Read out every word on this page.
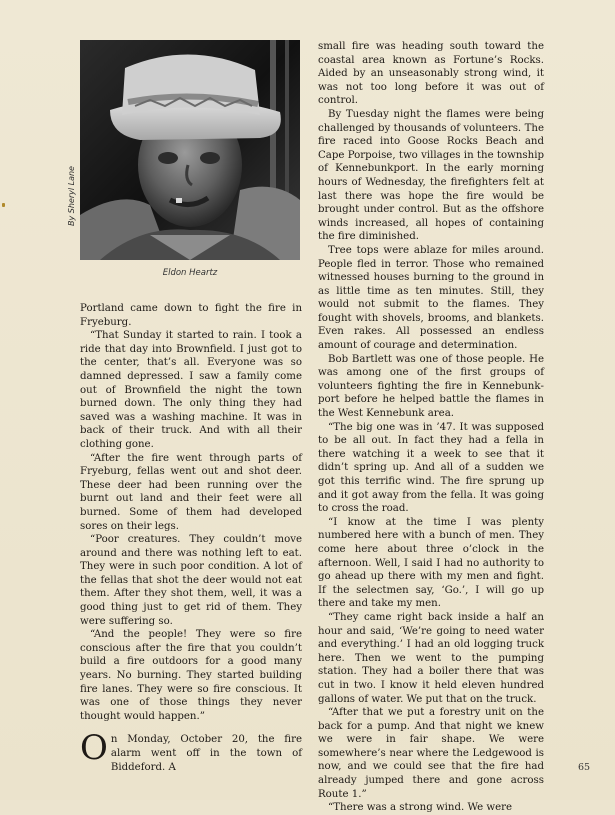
By Sheryl Lane
Eldon Heartz

Portland came down to fight the fire in Fryeburg.

“That Sunday it started to rain. I took a ride that day into Brownfield. I just got to the center, that’s all. Everyone was so damned depressed. I saw a family come out of Brownfield the night the town burned down. The only thing they had saved was a washing machine. It was in back of their truck. And with all their clothing gone.

“After the fire went through parts of Fryeburg, fellas went out and shot deer. These deer had been running over the burnt out land and their feet were all burned. Some of them had developed sores on their legs.

“Poor creatures. They couldn’t move around and there was nothing left to eat. They were in such poor condition. A lot of the fellas that shot the deer would not eat them. After they shot them, well, it was a good thing just to get rid of them. They were suffering so.

“And the people! They were so fire conscious after the fire that you couldn’t build a fire outdoors for a good many years. No burning. They started building fire lanes. They were so fire conscious. It was one of those things they never thought would happen.”

On Monday, October 20, the fire alarm went off in the town of Biddeford. A

small fire was heading south toward the coastal area known as Fortune’s Rocks. Aided by an unseasonably strong wind, it was not too long before it was out of control.

By Tuesday night the flames were being challenged by thousands of volunteers. The fire raced into Goose Rocks Beach and Cape Porpoise, two villages in the township of Kennebunkport. In the early morning hours of Wednesday, the firefighters felt at last there was hope the fire would be brought under control. But as the offshore winds increased, all hopes of containing the fire diminished.

Tree tops were ablaze for miles around. People fled in terror. Those who remained witnessed houses burning to the ground in as little time as ten minutes. Still, they would not submit to the flames. They fought with shovels, brooms, and blankets. Even rakes. All possessed an endless amount of courage and determination.

Bob Bartlett was one of those people. He was among one of the first groups of volunteers fighting the fire in Kennebunkport before he helped battle the flames in the West Kennebunk area.

“The big one was in ’47. It was supposed to be all out. In fact they had a fella in there watching it a week to see that it didn’t spring up. And all of a sudden we got this terrific wind. The fire sprung up and it got away from the fella. It was going to cross the road.

“I know at the time I was plenty numbered here with a bunch of men. They come here about three o’clock in the afternoon. Well, I said I had no authority to go ahead up there with my men and fight. If the selectmen say, ‘Go.’, I will go up there and take my men.

“They came right back inside a half an hour and said, ‘We’re going to need water and everything.’ I had an old logging truck here. Then we went to the pumping station. They had a boiler there that was cut in two. I know it held eleven hundred gallons of water. We put that on the truck.

“After that we put a forestry unit on the back for a pump. And that night we knew we were in fair shape. We were somewhere’s near where the Ledgewood is now, and we could see that the fire had already jumped there and gone across Route 1.”

“There was a strong wind. We were

65
